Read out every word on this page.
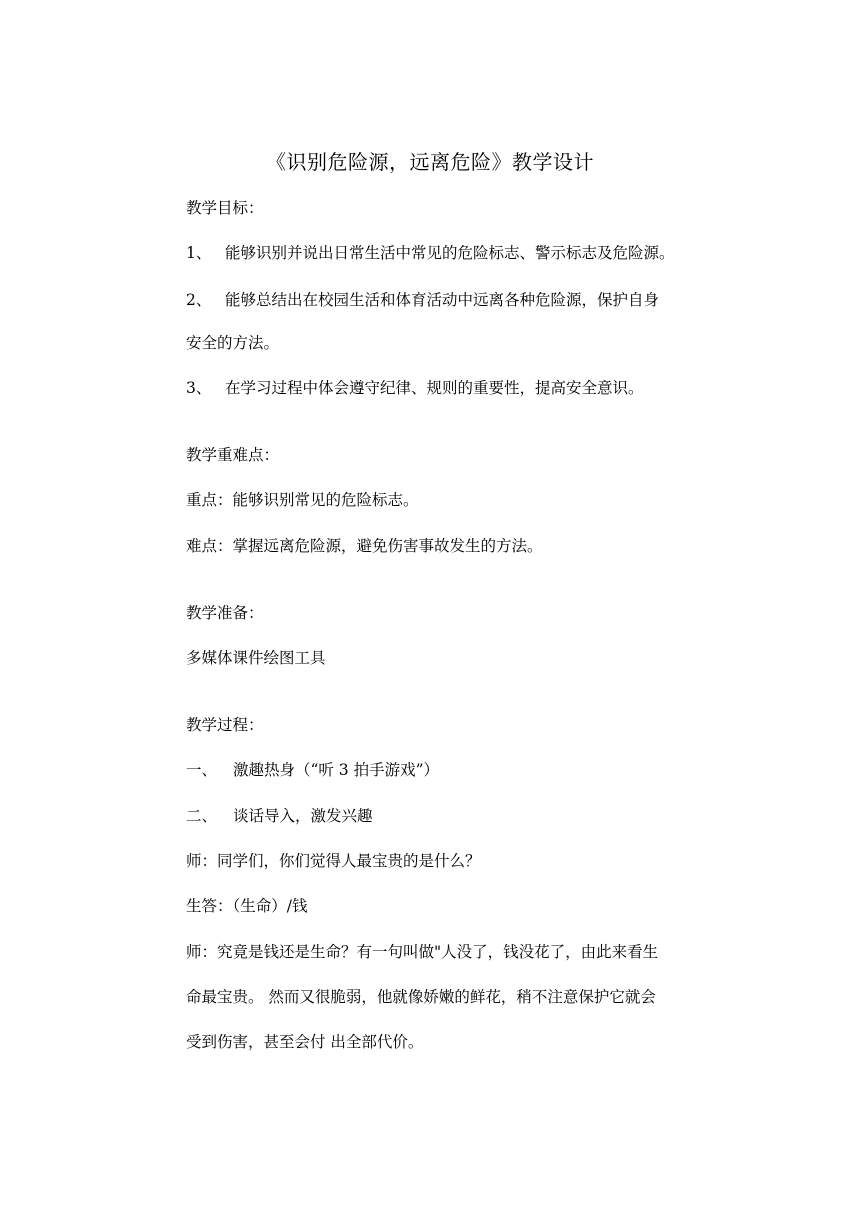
《识别危险源，远离危险》教学设计
教学目标：
1、 能够识别并说出日常生活中常见的危险标志、警示标志及危险源。
2、 能够总结出在校园生活和体育活动中远离各种危险源，保护自身
安全的方法。
3、 在学习过程中体会遵守纪律、规则的重要性，提高安全意识。
教学重难点：
重点：能够识别常见的危险标志。
难点：掌握远离危险源，避免伤害事故发生的方法。
教学准备：
多媒体课件绘图工具
教学过程：
一、 激趣热身（“听 3 拍手游戏”）
二、 谈话导入，激发兴趣
师：同学们，你们觉得人最宝贵的是什么？
生答：（生命）/钱
师：究竟是钱还是生命？有一句叫做"人没了，钱没花了，由此来看生
命最宝贵。 然而又很脆弱，他就像娇嫩的鲜花，稍不注意保护它就会
受到伤害，甚至会付 出全部代价。
